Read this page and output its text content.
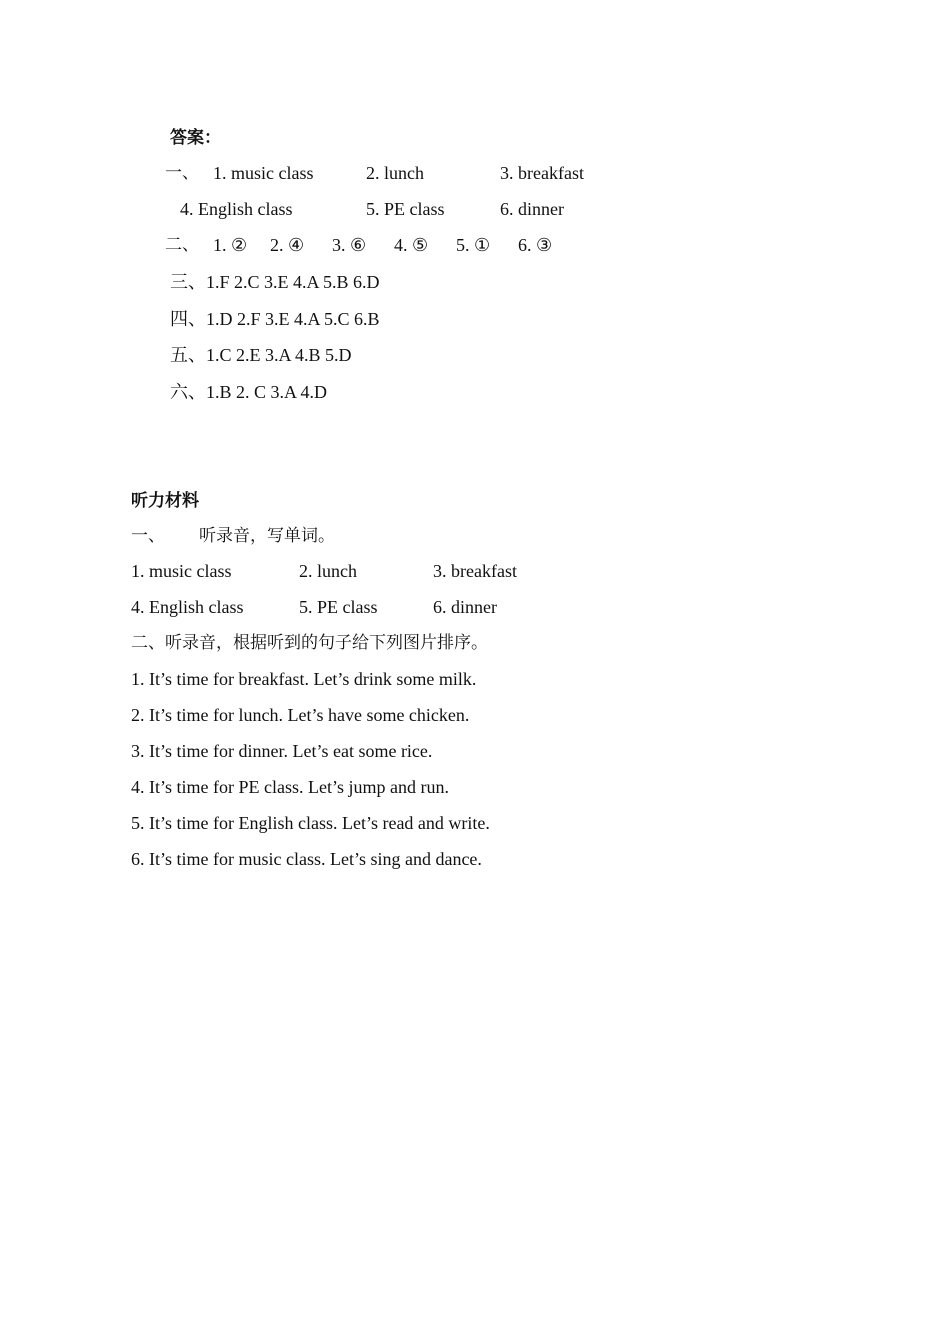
答案：
一、 1. music class	2. lunch	3. breakfast
4. English class	5. PE class	6. dinner
二、 1. ② 2. ④ 3. ⑥ 4. ⑤ 5. ① 6. ③
三、1.F 2.C 3.E 4.A 5.B 6.D
四、1.D 2.F 3.E 4.A 5.C 6.B
五、1.C 2.E 3.A 4.B 5.D
六、1.B 2. C 3.A 4.D
听力材料
一、 听录音，写单词。
1. music class	2. lunch	3. breakfast
4. English class	5. PE class	6. dinner
二、听录音，根据听到的句子给下列图片排序。
1. It’s time for breakfast. Let’s drink some milk.
2. It’s time for lunch. Let’s have some chicken.
3. It’s time for dinner. Let’s eat some rice.
4. It’s time for PE class. Let’s jump and run.
5. It’s time for English class. Let’s read and write.
6. It’s time for music class. Let’s sing and dance.
